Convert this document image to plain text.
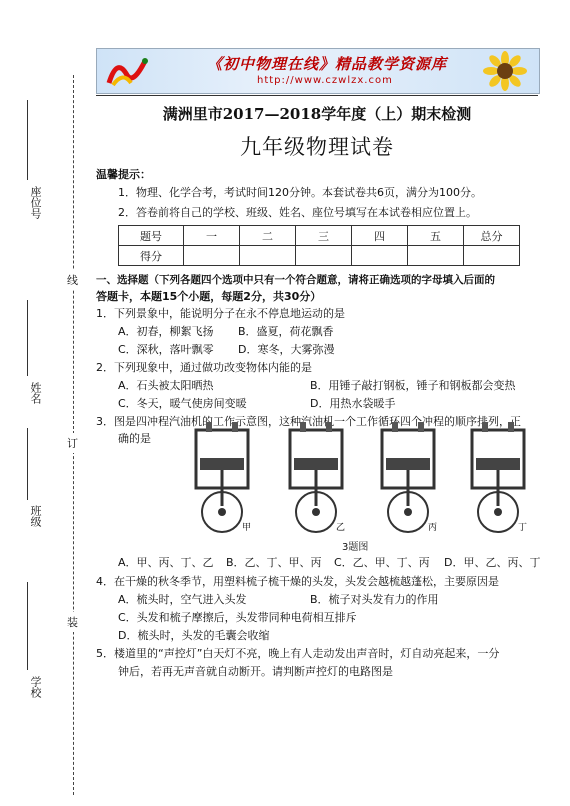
座位号
线
姓名
订
班级
装
学校
《初中物理在线》精品教学资源库
http://www.czwlzx.com
满洲里市2017—2018学年度（上）期末检测
九年级物理试卷
温馨提示：
1．物理、化学合考，考试时间120分钟。本套试卷共6页，满分为100分。
2．答卷前将自己的学校、班级、姓名、座位号填写在本试卷相应位置上。
题号	一	二	三	四	五	总分
得分						
一、选择题（下列各题四个选项中只有一个符合题意，请将正确选项的字母填入后面的
答题卡，本题15个小题，每题2分，共30分）
1．下列景象中，能说明分子在永不停息地运动的是
A．初春，柳絮飞扬 B．盛夏，荷花飘香
C．深秋，落叶飘零 D．寒冬，大雾弥漫
2．下列现象中，通过做功改变物体内能的是
A．石头被太阳晒热	B．用锤子敲打钢板，锤子和钢板都会变热
C．冬天，暖气使房间变暖	D．用热水袋暖手
3．图是四冲程汽油机的工作示意图，这种汽油机一个工作循环四个冲程的顺序排列，正
确的是
甲	乙	丙	丁
3题图
A．甲、丙、丁、乙 B．乙、丁、甲、丙 C．乙、甲、丁、丙 D．甲、乙、丙、丁
4．在干燥的秋冬季节，用塑料梳子梳干燥的头发，头发会越梳越蓬松，主要原因是
A．梳头时，空气进入头发	B．梳子对头发有力的作用
C．头发和梳子摩擦后，头发带同种电荷相互排斥
D．梳头时，头发的毛囊会收缩
5．楼道里的“声控灯”白天灯不亮，晚上有人走动发出声音时，灯自动亮起来，一分
钟后，若再无声音就自动断开。请判断声控灯的电路图是
